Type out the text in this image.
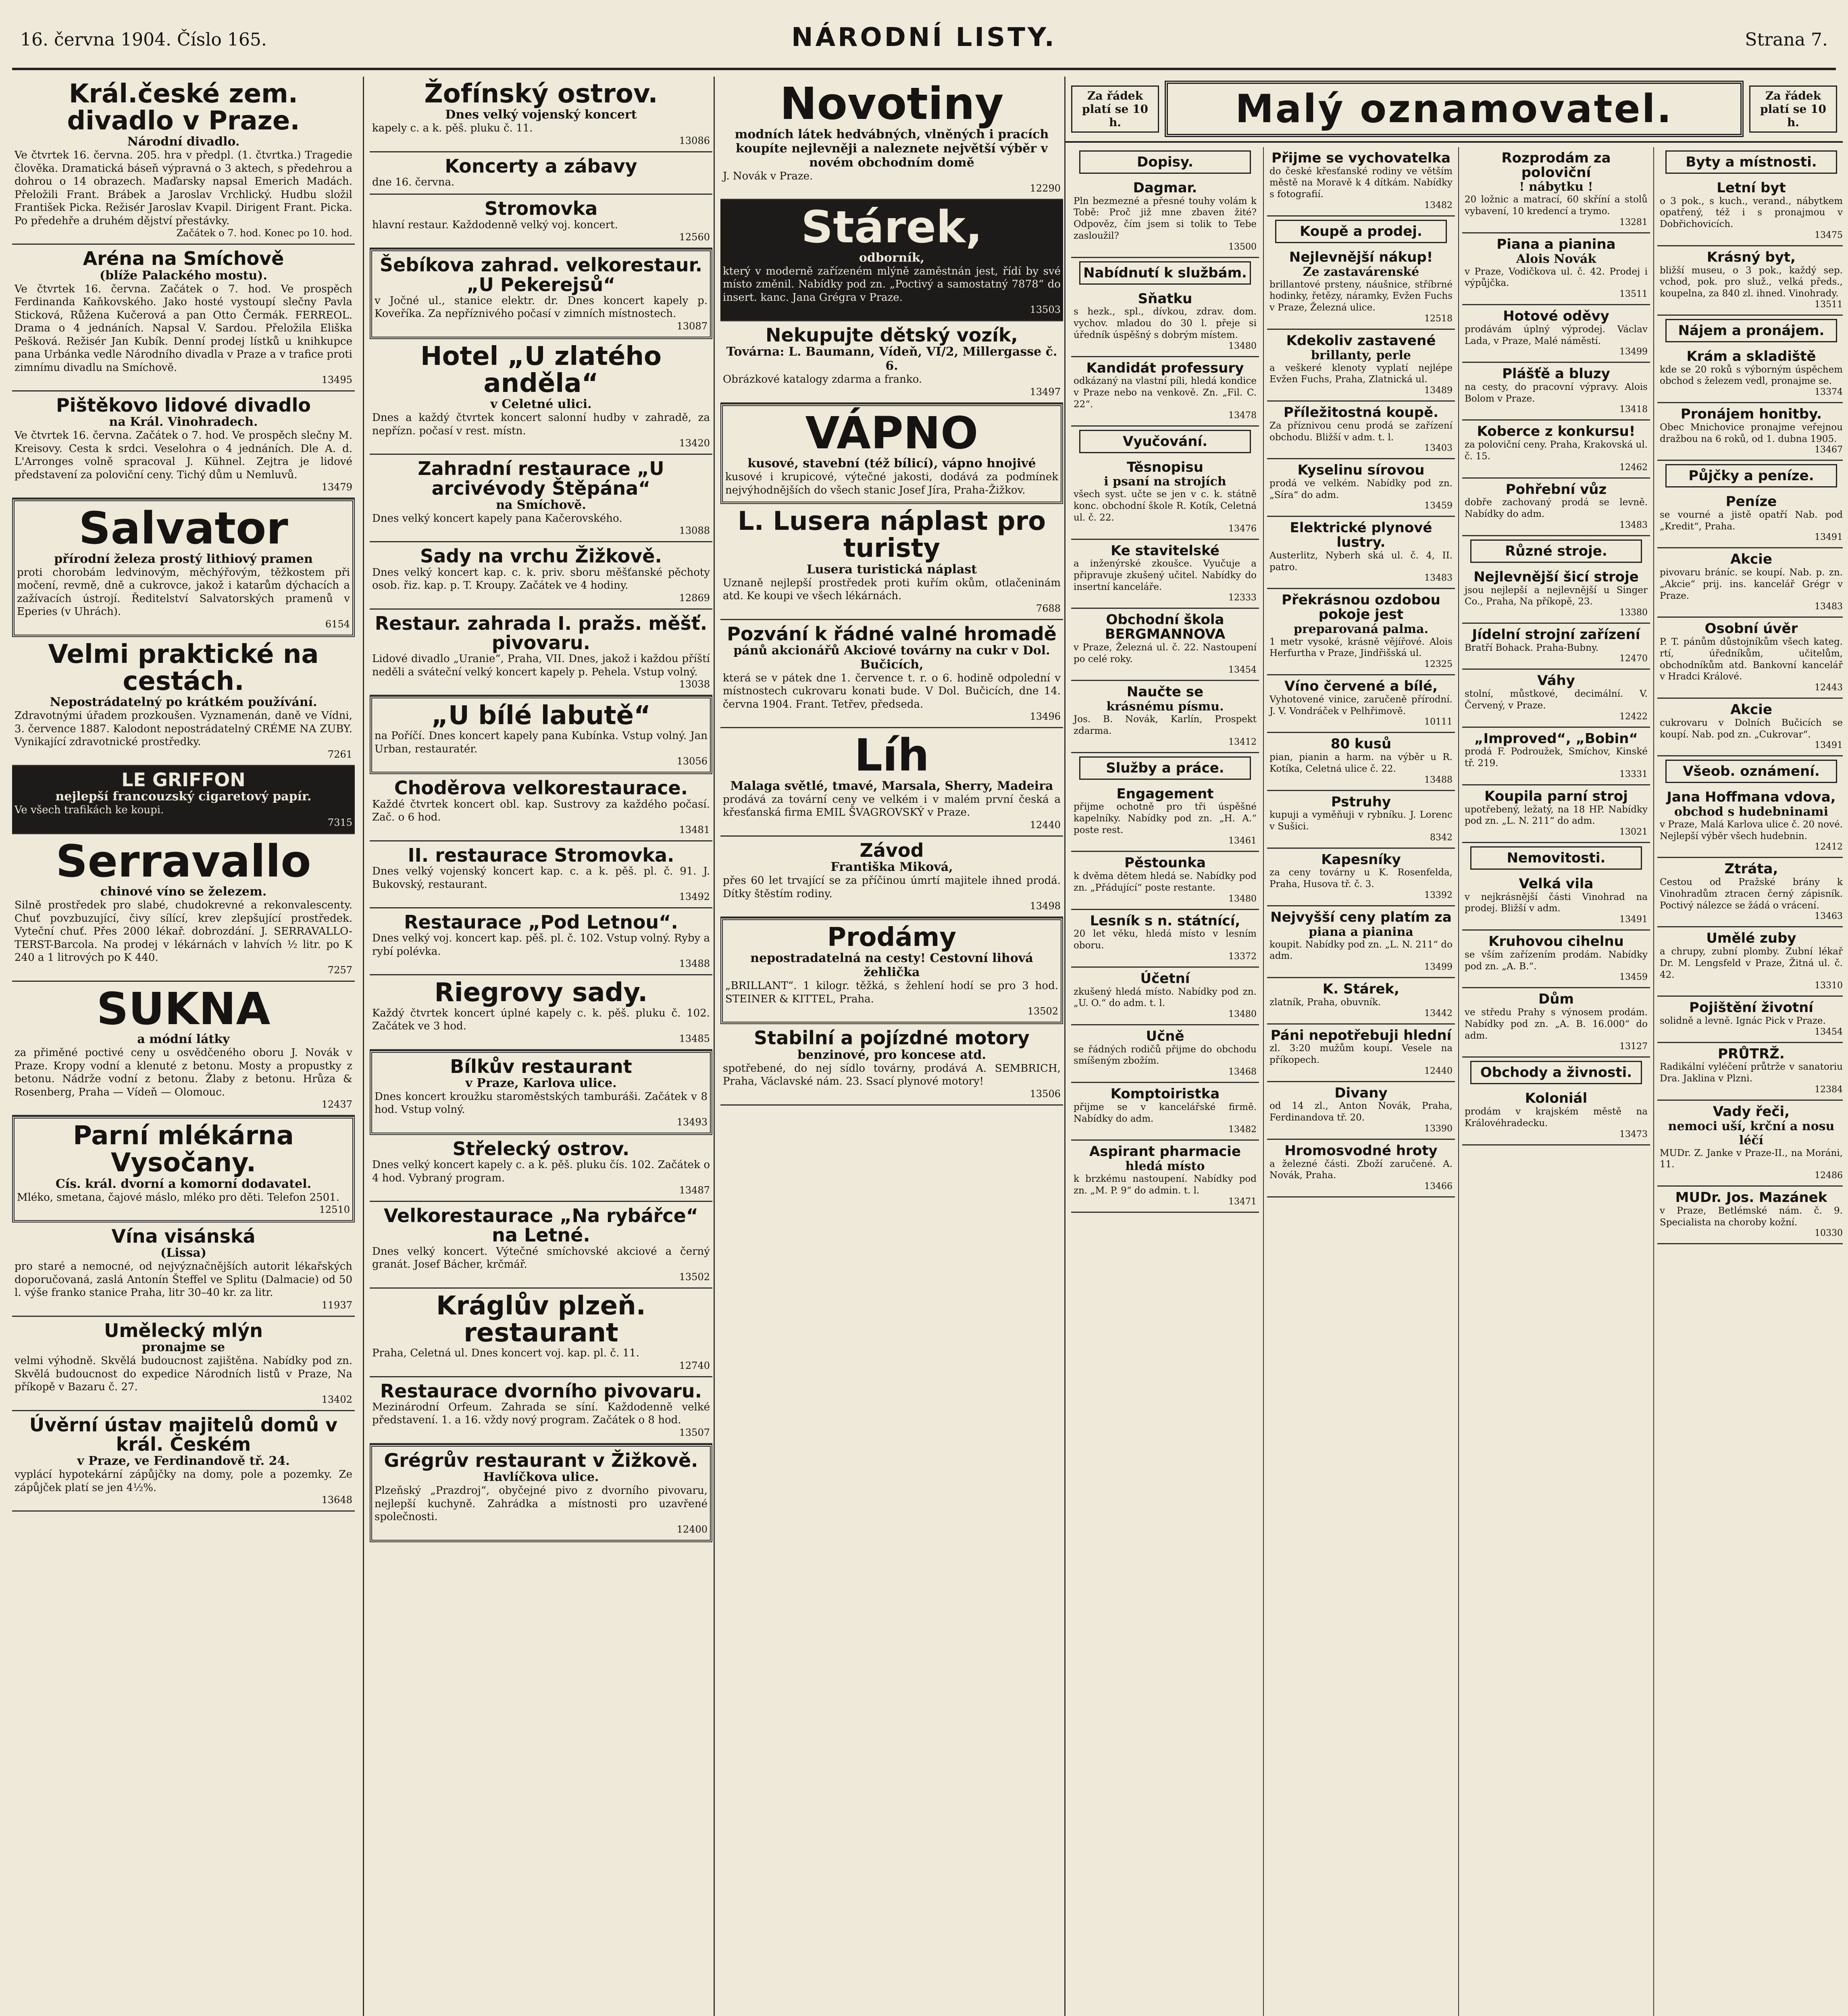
16. června 1904. Číslo 165.	NÁRODNÍ LISTY.	Strana 7.
Král.české zem. divadlo v Praze.
Národní divadlo.
Ve čtvrtek 16. června. 205. hra v předpl. (1. čtvrtka.) Tragedie člověka. Dramatická báseň výpravná o 3 aktech, s předehrou a dohrou o 14 obrazech. Maďarsky napsal Emerich Madách. Přeložili Frant. Brábek a Jaroslav Vrchlický. Hudbu složil František Picka. Režisér Jaroslav Kvapil. Dirigent Frant. Picka. Po předehře a druhém dějství přestávky.
Začátek o 7. hod. Konec po 10. hod.
Aréna na Smíchově
(blíže Palackého mostu).
Ve čtvrtek 16. června. Začátek o 7. hod. Ve prospěch Ferdinanda Kaňkovského. Jako hosté vystoupí slečny Pavla Sticková, Růžena Kučerová a pan Otto Čermák. FERREOL. Drama o 4 jednáních. Napsal V. Sardou. Přeložila Eliška Pešková. Režisér Jan Kubík. Denní prodej lístků u knihkupce pana Urbánka vedle Národního divadla v Praze a v trafice proti zimnímu divadlu na Smíchově.
13495
Pištěkovo lidové divadlo
na Král. Vinohradech.
Ve čtvrtek 16. června. Začátek o 7. hod. Ve prospěch slečny M. Kreisovy. Cesta k srdci. Veselohra o 4 jednáních. Dle A. d. L'Arronges volně spracoval J. Kühnel. Zejtra je lidové představení za poloviční ceny. Tichý dům u Nemluvů.
13479
Salvator
přírodní železa prostý lithiový pramen
proti chorobám ledvinovým, měchýřovým, těžkostem při močení, revmě, dně a cukrovce, jakož i katarům dýchacích a zažívacích ústrojí. Ředitelství Salvatorských pramenů v Eperies (v Uhrách).
6154
Velmi praktické na cestách.
Nepostrádatelný po krátkém používání.
Zdravotnými úřadem prozkoušen. Vyznamenán, daně ve Vídni, 3. července 1887. Kalodont nepostrádatelný CRÉME NA ZUBY. Vynikající zdravotnické prostředky.
7261
LE GRIFFON
nejlepší francouzský cigaretový papír.
Ve všech trafikách ke koupi.
7315
Serravallo
chinové víno se železem.
Silně prostředek pro slabé, chudokrevné a rekonvalescenty. Chuť povzbuzující, čivy sílící, krev zlepšující prostředek. Vyteční chuť. Přes 2000 lékař. dobrozdání. J. SERRAVALLO-TERST-Barcola. Na prodej v lékárnách v lahvích ½ litr. po K 240 a 1 litrových po K 440.
7257
SUKNA
a módní látky
za přiměné poctivé ceny u osvědčeného oboru J. Novák v Praze. Kropy vodní a klenuté z betonu. Mosty a propustky z betonu. Nádrže vodní z betonu. Žlaby z betonu. Hrůza & Rosenberg, Praha — Vídeň — Olomouc.
12437
Parní mlékárna Vysočany.
Cís. král. dvorní a komorní dodavatel.
Mléko, smetana, čajové máslo, mléko pro děti. Telefon 2501.
12510
Vína visánská
(Lissa)
pro staré a nemocné, od nejvýznačnějších autorit lékařských doporučovaná, zaslá Antonín Šteffel ve Splitu (Dalmacie) od 50 l. výše franko stanice Praha, litr 30–40 kr. za litr.
11937
Umělecký mlýn
pronajme se
velmi výhodně. Skvělá budoucnost zajištěna. Nabídky pod zn. Skvělá budoucnost do expedice Národních listů v Praze, Na příkopě v Bazaru č. 27.
13402
Úvěrní ústav majitelů domů v král. Českém
v Praze, ve Ferdinandově tř. 24.
vyplácí hypotekární zápůjčky na domy, pole a pozemky. Ze zápůjček platí se jen 4½%.
13648
Žofínský ostrov.
Dnes velký vojenský koncert
kapely c. a k. pěš. pluku č. 11.
13086
Koncerty a zábavy
dne 16. června.
Stromovka
hlavní restaur. Každodenně velký voj. koncert.
12560
Šebíkova zahrad. velkorestaur. „U Pekerejsů“
v Jočné ul., stanice elektr. dr. Dnes koncert kapely p. Koveříka. Za nepříznivého počasí v zimních místnostech.
13087
Hotel „U zlatého anděla“
v Celetné ulici.
Dnes a každý čtvrtek koncert salonní hudby v zahradě, za nepřízn. počasí v rest. místn.
13420
Zahradní restaurace „U arcivévody Štěpána“
na Smíchově.
Dnes velký koncert kapely pana Kačerovského.
13088
Sady na vrchu Žižkově.
Dnes velký koncert kap. c. k. priv. sboru měšťanské pěchoty osob. řiz. kap. p. T. Kroupy. Začátek ve 4 hodiny.
12869
Restaur. zahrada I. pražs. měšť. pivovaru.
Lidové divadlo „Uranie“, Praha, VII. Dnes, jakož i každou příští neděli a sváteční velký koncert kapely p. Pehela. Vstup volný.
13038
„U bílé labutě“
na Poříčí. Dnes koncert kapely pana Kubínka. Vstup volný. Jan Urban, restauratér.
13056
Choděrova velkorestaurace.
Každé čtvrtek koncert obl. kap. Sustrovy za každého počasí. Zač. o 6 hod.
13481
II. restaurace Stromovka.
Dnes velký vojenský koncert kap. c. a k. pěš. pl. č. 91. J. Bukovský, restaurant.
13492
Restaurace „Pod Letnou“.
Dnes velký voj. koncert kap. pěš. pl. č. 102. Vstup volný. Ryby a rybí polévka.
13488
Riegrovy sady.
Každý čtvrtek koncert úplné kapely c. k. pěš. pluku č. 102. Začátek ve 3 hod.
13485
Bílkův restaurant
v Praze, Karlova ulice.
Dnes koncert kroužku staroměstských tamburáši. Začátek v 8 hod. Vstup volný.
13493
Střelecký ostrov.
Dnes velký koncert kapely c. a k. pěš. pluku čís. 102. Začátek o 4 hod. Vybraný program.
13487
Velkorestaurace „Na rybářce“ na Letné.
Dnes velký koncert. Výtečné smíchovské akciové a černý granát. Josef Bácher, krčmář.
13502
Kráglův plzeň. restaurant
Praha, Celetná ul. Dnes koncert voj. kap. pl. č. 11.
12740
Restaurace dvorního pivovaru.
Mezinárodní Orfeum. Zahrada se síní. Každodenně velké představení. 1. a 16. vždy nový program. Začátek o 8 hod.
13507
Grégrův restaurant v Žižkově.
Havlíčkova ulice.
Plzeňský „Prazdroj“, obyčejné pivo z dvorního pivovaru, nejlepší kuchyně. Zahrádka a místnosti pro uzavřené společnosti.
12400
Novotiny
modních látek hedvábných, vlněných i pracích koupíte nejlevněji a naleznete největší výběr v novém obchodním domě
J. Novák v Praze.
12290
Stárek,
odborník,
který v moderně zařízeném mlýně zaměstnán jest, řídí by své místo změnil. Nabídky pod zn. „Poctivý a samostatný 7878“ do insert. kanc. Jana Grégra v Praze.
13503
Nekupujte dětský vozík,
Továrna: L. Baumann, Vídeň, VI/2, Millergasse č. 6.
Obrázkové katalogy zdarma a franko.
13497
VÁPNO
kusové, stavební (též bílicí), vápno hnojivé
kusové i krupicové, výtečné jakosti, dodává za podmínek nejvýhodnějších do všech stanic Josef Jíra, Praha-Žižkov.
L. Lusera náplast pro turisty
Lusera turistická náplast
Uznaně nejlepší prostředek proti kuřím okům, otlačeninám atd. Ke koupi ve všech lékárnách.
7688
Pozvání k řádné valné hromadě
pánů akcionářů Akciové továrny na cukr v Dol. Bučicích,
která se v pátek dne 1. července t. r. o 6. hodině odpolední v místnostech cukrovaru konati bude. V Dol. Bučicích, dne 14. června 1904. Frant. Tetřev, předseda.
13496
Líh
Malaga světlé, tmavé, Marsala, Sherry, Madeira
prodává za tovární ceny ve velkém i v malém první česká a křesťanská firma EMIL ŠVAGROVSKÝ v Praze.
12440
Závod
Františka Miková,
přes 60 let trvající se za příčinou úmrtí majitele ihned prodá. Dítky štěstím rodiny.
13498
Prodámy
nepostradatelná na cesty! Cestovní lihová žehlička
„BRILLANT“. 1 kilogr. těžká, s žehlení hodí se pro 3 hod. STEINER & KITTEL, Praha.
13502
Stabilní a pojízdné motory
benzinové, pro koncese atd.
spotřebené, do nej sídlo továrny, prodává A. SEMBRICH, Praha, Václavské nám. 23. Ssací plynové motory!
13506
Za řádek platí se 10 h.	Malý oznamovatel.	Za řádek platí se 10 h.
Dopisy.
Dagmar.
Pln bezmezné a přesné touhy volám k Tobě: Proč již mne zbaven žité? Odpověz, čím jsem si tolik to Tebe zasloužil?
13500
Nabídnutí k službám.
Sňatku
s hezk., spl., dívkou, zdrav. dom. vychov. mladou do 30 l. přeje si úředník úspěšný s dobrým místem.
13480
Kandidát professury
odkázaný na vlastní píli, hledá kondice v Praze nebo na venkově. Zn. „Fil. C. 22“.
13478
Vyučování.
Těsnopisu
i psaní na strojích
všech syst. učte se jen v c. k. státně konc. obchodní škole R. Kotík, Celetná ul. č. 22.
13476
Ke stavitelské
a inženýrské zkoušce. Vyučuje a připravuje zkušený učitel. Nabídky do insertní kanceláře.
12333
Obchodní škola BERGMANNOVA
v Praze, Železná ul. č. 22. Nastoupení po celé roky.
13454
Naučte se
krásnému písmu.
Jos. B. Novák, Karlín, Prospekt zdarma.
13412
Služby a práce.
Engagement
přijme ochotně pro tři úspěšné kapelníky. Nabídky pod zn. „H. A.“ poste rest.
13461
Pěstounka
k dvěma dětem hledá se. Nabídky pod zn. „Přádující“ poste restante.
13480
Lesník s n. státnící,
20 let věku, hledá místo v lesním oboru.
13372
Účetní
zkušený hledá místo. Nabídky pod zn. „U. O.“ do adm. t. l.
13480
Učně
se řádných rodičů přijme do obchodu smíšeným zbožím.
13468
Komptoiristka
přijme se v kancelářské firmě. Nabídky do adm.
13482
Aspirant pharmacie
hledá místo
k brzkému nastoupení. Nabídky pod zn. „M. P. 9“ do admin. t. l.
13471
Přijme se vychovatelka
do české křesťanské rodiny ve větším městě na Moravě k 4 dítkám. Nabídky s fotografií.
13482
Koupě a prodej.
Nejlevnější nákup!
Ze zastavárenské
brillantové prsteny, náušnice, stříbrné hodinky, řetězy, náramky, Evžen Fuchs v Praze, Železná ulice.
12518
Kdekoliv zastavené
brillanty, perle
a veškeré klenoty vyplatí nejlépe Evžen Fuchs, Praha, Zlatnická ul.
13489
Příležitostná koupě.
Za příznivou cenu prodá se zařízení obchodu. Bližší v adm. t. l.
13403
Kyselinu sírovou
prodá ve velkém. Nabídky pod zn. „Síra“ do adm.
13459
Elektrické plynové lustry.
Austerlitz, Nyberh ská ul. č. 4, II. patro.
13483
Překrásnou ozdobou pokoje jest
preparovaná palma.
1 metr vysoké, krásně vějířové. Alois Herfurtha v Praze, Jindřišská ul.
12325
Víno červené a bílé,
Vyhotovené vinice, zaručeně přírodní. J. V. Vondráček v Pelhřimově.
10111
80 kusů
pian, pianin a harm. na výběr u R. Kotíka, Celetná ulice č. 22.
13488
Pstruhy
kupuji a vyměňuji v rybníku. J. Lorenc v Sušici.
8342
Kapesníky
za ceny továrny u K. Rosenfelda, Praha, Husova tř. č. 3.
13392
Nejvyšší ceny platím za
piana a pianina
koupit. Nabídky pod zn. „L. N. 211“ do adm.
13499
K. Stárek,
zlatník, Praha, obuvník.
13442
Páni nepotřebuji hlední
zl. 3:20 mužům koupí. Vesele na příkopech.
12440
Divany
od 14 zl., Anton Novák, Praha, Ferdinandova tř. 20.
13390
Hromosvodné hroty
a železné části. Zboží zaručené. A. Novák, Praha.
13466
Rozprodám za poloviční
! nábytku !
20 ložnic a matrací, 60 skříní a stolů vybavení, 10 kredencí a trymo.
13281
Piana a pianina
Alois Novák
v Praze, Vodičkova ul. č. 42. Prodej i výpůjčka.
13511
Hotové oděvy
prodávám úplný výprodej. Václav Lada, v Praze, Malé náměstí.
13499
Plášťě a bluzy
na cesty, do pracovní výpravy. Alois Bolom v Praze.
13418
Koberce z konkursu!
za poloviční ceny. Praha, Krakovská ul. č. 15.
12462
Pohřební vůz
dobře zachovaný prodá se levně. Nabídky do adm.
13483
Různé stroje.
Nejlevnější šicí stroje
jsou nejlepší a nejlevnější u Singer Co., Praha, Na příkopě, 23.
13380
Jídelní strojní zařízení
Bratří Bohack. Praha-Bubny.
12470
Váhy
stolní, můstkové, decimální. V. Červený, v Praze.
12422
„Improved“, „Bobin“
prodá F. Podroužek, Smíchov, Kinské tř. 219.
13331
Koupila parní stroj
upotřebený, ležatý, na 18 HP. Nabídky pod zn. „L. N. 211“ do adm.
13021
Nemovitosti.
Velká vila
v nejkrásnější části Vinohrad na prodej. Bližší v adm.
13491
Kruhovou cihelnu
se vším zařízením prodám. Nabídky pod zn. „A. B.“.
13459
Dům
ve středu Prahy s výnosem prodám. Nabídky pod zn. „A. B. 16.000“ do adm.
13127
Obchody a živnosti.
Koloniál
prodám v krajském městě na Královéhradecku.
13473
Byty a místnosti.
Letní byt
o 3 pok., s kuch., verand., nábytkem opatřený, též i s pronajmou v Dobřichovicích.
13475
Krásný byt,
bližší museu, o 3 pok., každý sep. vchod, pok. pro služ., velká předs., koupelna, za 840 zl. ihned. Vinohrady.
13511
Nájem a pronájem.
Krám a skladiště
kde se 20 roků s výborným úspěchem obchod s železem vedl, pronajme se.
13374
Pronájem honitby.
Obec Mnichovice pronajme veřejnou dražbou na 6 roků, od 1. dubna 1905.
13467
Půjčky a peníze.
Peníze
se vourné a jistě opatří Nab. pod „Kredit“, Praha.
13491
Akcie
pivovaru bráníc. se koupí. Nab. p. zn. „Akcie“ prij. ins. kancelář Grégr v Praze.
13483
Osobní úvěr
P. T. pánům důstojníkům všech kateg. rtí, úředníkům, učitelům, obchodníkům atd. Bankovní kancelář v Hradci Králové.
12443
Akcie
cukrovaru v Dolních Bučicích se koupí. Nab. pod zn. „Cukrovar“.
13491
Všeob. oznámení.
Jana Hoffmana vdova,
obchod s hudebninami
v Praze, Malá Karlova ulice č. 20 nové. Nejlepší výběr všech hudebnin.
12412
Ztráta,
Cestou od Pražské brány k Vinohradům ztracen černý zápisník. Poctivý nálezce se žádá o vrácení.
13463
Umělé zuby
a chrupy, zubní plomby. Zubní lékař Dr. M. Lengsfeld v Praze, Žitná ul. č. 42.
13310
Pojištění životní
solidně a levně. Ignác Pick v Praze.
13454
PRŮTRŽ.
Radikální vyléčení průtrže v sanatoriu Dra. Jaklina v Plzni.
12384
Vady řeči,
nemoci uší, krční a nosu léčí
MUDr. Z. Janke v Praze-II., na Moráni, 11.
12486
MUDr. Jos. Mazánek
v Praze, Betlémské nám. č. 9. Specialista na choroby kožní.
10330
